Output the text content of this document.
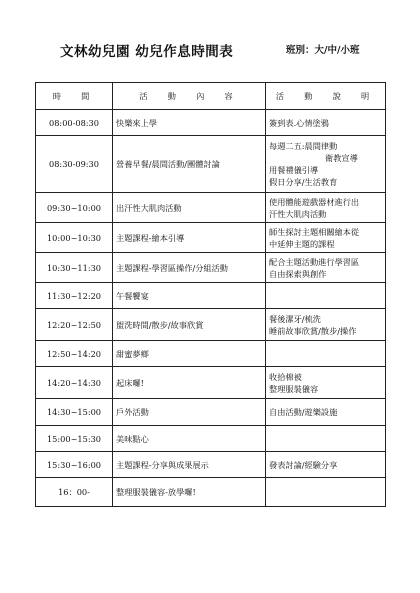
文林幼兒園 幼兒作息時間表	班別：大/中/小班
時　間	活　動　內　容	活　動　說　明
08:00-08:30	快樂來上學	簽到表.心情塗鴉

08:30-09:30	營養早餐/晨間活動/團體討論	每週二五:晨間律動
衛教宣導
用餐禮儀引導
假日分享/生活教育

09:30~10:00	出汗性大肌肉活動	使用體能遊戲器材進行出
汗性大肌肉活動

10:00~10:30	主題課程-繪本引導	師生探討主題相關繪本從
中延伸主題的課程

10:30~11:30	主題課程-學習區操作/分組活動	配合主題活動進行學習區
自由探索與創作

11:30~12:20	午餐饗宴	
12:20~12:50	盥洗時間/散步/故事欣賞	餐後潔牙/梳洗
睡前故事欣賞/散步/操作

12:50~14:20	甜蜜夢鄉	
14:20~14:30	起床囉!	收拾棉被
整理服裝儀容

14:30~15:00	戶外活動	自由活動/遊樂設施

15:00~15:30	美味點心	
15:30~16:00	主題課程-分享與成果展示	發表討論/經驗分享

16：00-	整理服裝儀容-放學囉!	
